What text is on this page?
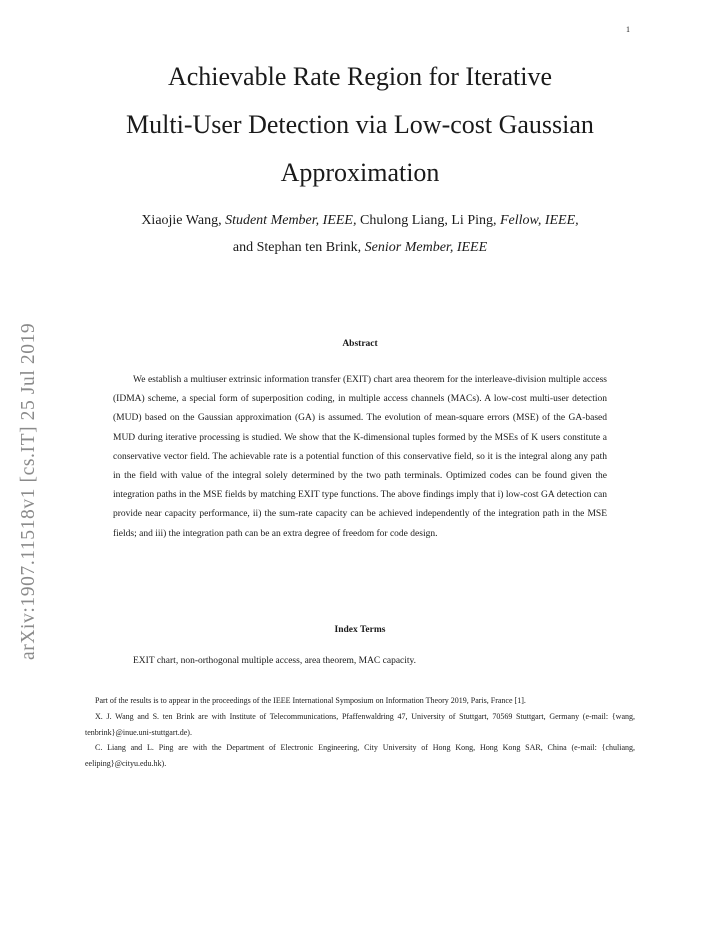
1
arXiv:1907.11518v1 [cs.IT] 25 Jul 2019
Achievable Rate Region for Iterative
Multi-User Detection via Low-cost Gaussian
Approximation
Xiaojie Wang, Student Member, IEEE, Chulong Liang, Li Ping, Fellow, IEEE,
and Stephan ten Brink, Senior Member, IEEE
Abstract

We establish a multiuser extrinsic information transfer (EXIT) chart area theorem for the interleave-division multiple access (IDMA) scheme, a special form of superposition coding, in multiple access channels (MACs). A low-cost multi-user detection (MUD) based on the Gaussian approximation (GA) is assumed. The evolution of mean-square errors (MSE) of the GA-based MUD during iterative processing is studied. We show that the K-dimensional tuples formed by the MSEs of K users constitute a conservative vector field. The achievable rate is a potential function of this conservative field, so it is the integral along any path in the field with value of the integral solely determined by the two path terminals. Optimized codes can be found given the integration paths in the MSE fields by matching EXIT type functions. The above findings imply that i) low-cost GA detection can provide near capacity performance, ii) the sum-rate capacity can be achieved independently of the integration path in the MSE fields; and iii) the integration path can be an extra degree of freedom for code design.

Index Terms
EXIT chart, non-orthogonal multiple access, area theorem, MAC capacity.

Part of the results is to appear in the proceedings of the IEEE International Symposium on Information Theory 2019, Paris, France [1].

X. J. Wang and S. ten Brink are with Institute of Telecommunications, Pfaffenwaldring 47, University of Stuttgart, 70569 Stuttgart, Germany (e-mail: {wang, tenbrink}@inue.uni-stuttgart.de).

C. Liang and L. Ping are with the Department of Electronic Engineering, City University of Hong Kong, Hong Kong SAR, China (e-mail: {chuliang, eeliping}@cityu.edu.hk).
